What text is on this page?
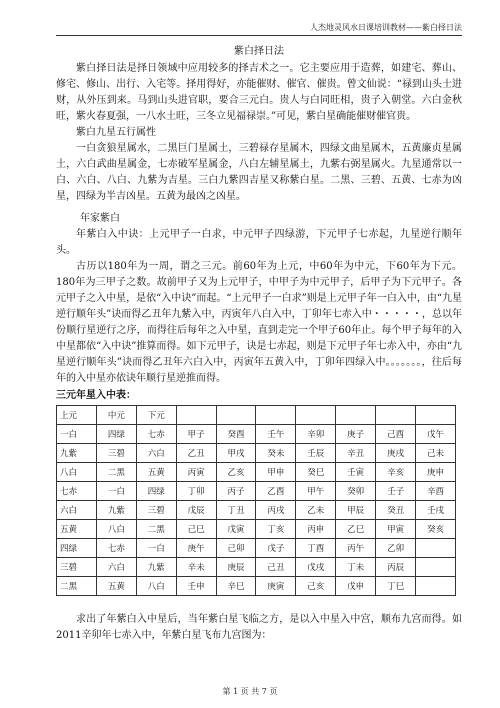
人杰地灵风水日课培训教材——紫白择日法
紫白择日法

紫白择日法是择日领域中应用较多的择吉术之一。它主要应用于造葬，如建宅、葬山、修宅、修山、出行、入宅等。择用得好，亦能催财、催官、催贵。曾文仙说：“禄到山头士进财，从外压到来。马到山头进官职，要合三元白。贵人与白同旺相，贵子入朝堂。六白金秋旺，紫火春夏强，一八水土旺，三冬立见福禄崇。”可见，紫白星确能催财催官贵。

紫白九星五行属性

一白贪狼星属水，二黑巨门星属土，三碧禄存星属木，四绿文曲星属木，五黄廉贞星属土，六白武曲星属金，七赤破军星属金，八白左辅星属土，九紫右弼星属火。九星通常以一白、六白、八白、九紫为吉星。三白九紫四吉星又称紫白星。二黑、三碧、五黄、七赤为凶星，四绿为半吉凶星。五黄为最凶之凶星。

年家紫白

年紫白入中诀：上元甲子一白求，中元甲子四绿游，下元甲子七赤起，九星逆行顺年头。

古历以180年为一周，谓之三元。前60年为上元，中60年为中元，下60年为下元。180年为三甲子之数。故前甲子又为上元甲子，中甲子为中元甲子，后甲子为下元甲子。各元甲子之入中星，是依“入中诀”而起。“上元甲子一白求”则是上元甲子年一白入中，由“九星逆行顺年头”诀而得乙丑年九紫入中，丙寅年八白入中，丁卯年七赤入中・・・・・，总以年份顺行星逆行之序，而得往后每年之入中星，直到走完一个甲子60年止。每个甲子每年的入中星都依“入中诀”推算而得。如下元甲子，诀是七赤起，则是下元甲子年七赤入中，亦由“九星逆行顺年头”诀而得乙丑年六白入中，丙寅年五黄入中，丁卯年四绿入中。。。。。。。，往后每年的入中星亦依诀年顺行星逆推而得。

三元年星入中表：
上元	中元	下元							
一白	四绿	七赤	甲子	癸酉	壬午	辛卯	庚子	己酉	戊午
九紫	三碧	六白	乙丑	甲戌	癸未	壬辰	辛丑	庚戌	己未
八白	二黑	五黄	丙寅	乙亥	甲申	癸巳	壬寅	辛亥	庚申
七赤	一白	四绿	丁卯	丙子	乙酉	甲午	癸卯	壬子	辛酉
六白	九紫	三碧	戊辰	丁丑	丙戌	乙未	甲辰	癸丑	壬戌
五黄	八白	二黑	己巳	戊寅	丁亥	丙申	乙巳	甲寅	癸亥
四绿	七赤	一白	庚午	己卯	戊子	丁酉	丙午	乙卯	
三碧	六白	九紫	辛未	庚辰	己丑	戊戌	丁未	丙辰	
二黑	五黄	八白	壬申	辛巳	庚寅	己亥	戊申	丁巳	

求出了年紫白入中星后，当年紫白星飞临之方，是以入中星入中宫，顺布九宫而得。如2011辛卯年七赤入中，年紫白星飞布九宫图为：

第 1 页 共 7 页
